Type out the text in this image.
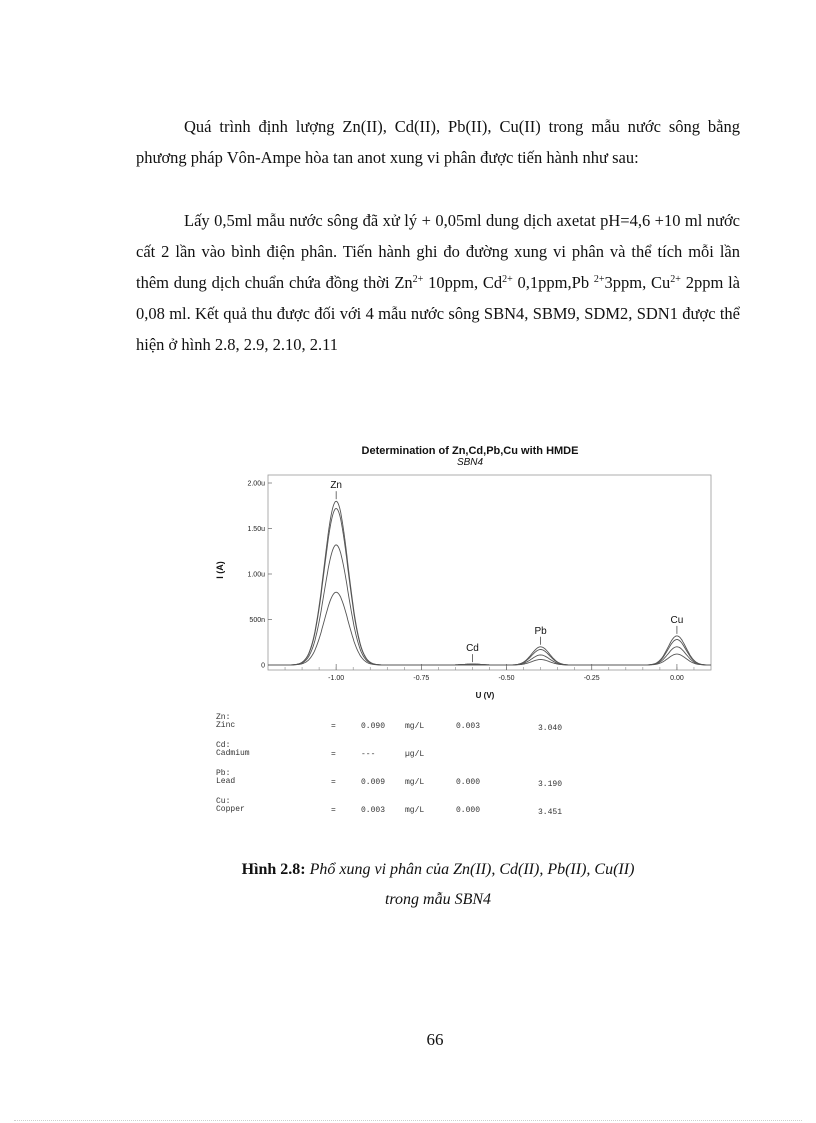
Quá trình định lượng Zn(II), Cd(II), Pb(II), Cu(II) trong mẫu nước sông bằng phương pháp Vôn-Ampe hòa tan anot xung vi phân được tiến hành như sau:
Lấy 0,5ml mẫu nước sông đã xử lý + 0,05ml dung dịch axetat pH=4,6 +10 ml nước cất 2 lần vào bình điện phân. Tiến hành ghi đo đường xung vi phân và thể tích mỗi lần thêm dung dịch chuẩn chứa đồng thời $Zn^{2+}$ 10ppm, $Cd^{2+}$ 0,1ppm,Pb $^{2+}$3ppm, $Cu^{2+}$ 2ppm là 0,08 ml. Kết quả thu được đối với 4 mẫu nước sông SBN4, SBM9, SDM2, SDN1 được thể hiện ở hình 2.8, 2.9, 2.10, 2.11
Determination of Zn,Cd,Pb,Cu with HMDE
SBN4
0
500n
1.00u
1.50u
2.00u
-1.00	-0.75	-0.50	-0.25	0.00
Zn
Cd
Pb
Cu
I (A)
U (V)
Zn:
Zinc	=	0.090 mg/L	0.003	3.040
Cd:
Cadmium	=	---	µg/L
Pb:
Lead	=	0.009 mg/L	0.000	3.190
Cu:
Copper	=	0.003 mg/L	0.000	3.451
Hình 2.8: Phổ xung vi phân của Zn(II), Cd(II), Pb(II), Cu(II)
trong mẫu SBN4
66
